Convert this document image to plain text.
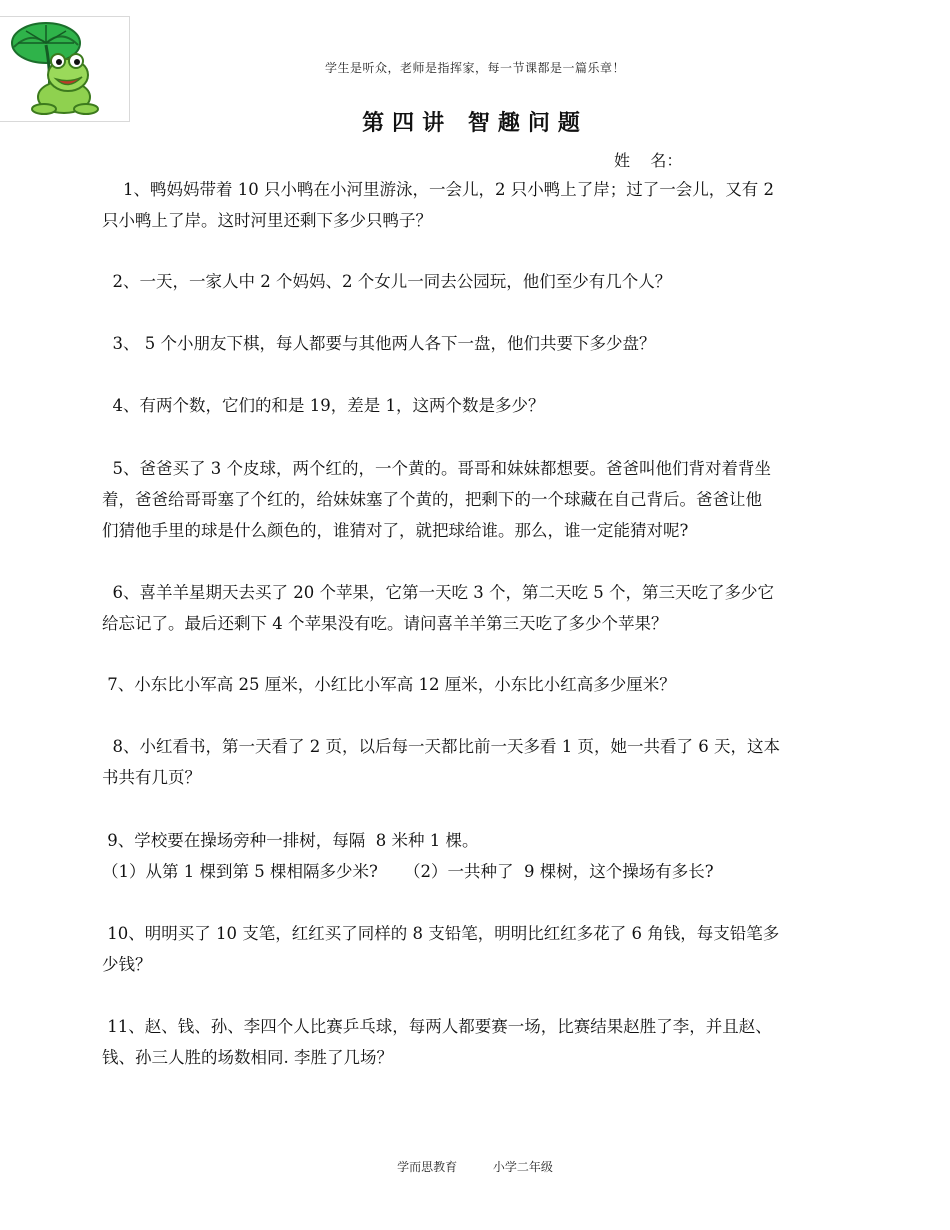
学生是听众，老师是指挥家，每一节课都是一篇乐章！
第四讲 智趣问题
姓    名：
1、鸭妈妈带着 10 只小鸭在小河里游泳，一会儿，2 只小鸭上了岸；过了一会儿，又有 2
只小鸭上了岸。这时河里还剩下多少只鸭子？
2、一天，一家人中 2 个妈妈、2 个女儿一同去公园玩，他们至少有几个人？
3、 5 个小朋友下棋，每人都要与其他两人各下一盘，他们共要下多少盘？
4、有两个数，它们的和是 19，差是 1，这两个数是多少？
5、爸爸买了 3 个皮球，两个红的，一个黄的。哥哥和妹妹都想要。爸爸叫他们背对着背坐
着，爸爸给哥哥塞了个红的，给妹妹塞了个黄的，把剩下的一个球藏在自己背后。爸爸让他
们猜他手里的球是什么颜色的，谁猜对了，就把球给谁。那么，谁一定能猜对呢?
6、喜羊羊星期天去买了 20 个苹果，它第一天吃 3 个，第二天吃 5 个，第三天吃了多少它
给忘记了。最后还剩下 4 个苹果没有吃。请问喜羊羊第三天吃了多少个苹果？
7、小东比小军高 25 厘米，小红比小军高 12 厘米，小东比小红高多少厘米？
8、小红看书，第一天看了 2 页，以后每一天都比前一天多看 1 页，她一共看了 6 天，这本
书共有几页？
9、学校要在操场旁种一排树，每隔  8 米种 1 棵。
（1）从第 1 棵到第 5 棵相隔多少米?     （2）一共种了  9 棵树，这个操场有多长?
10、明明买了 10 支笔，红红买了同样的 8 支铅笔，明明比红红多花了 6 角钱，每支铅笔多
少钱？
11、赵、钱、孙、李四个人比赛乒乓球，每两人都要赛一场，比赛结果赵胜了李，并且赵、
钱、孙三人胜的场数相同. 李胜了几场？
学而思教育	小学二年级
